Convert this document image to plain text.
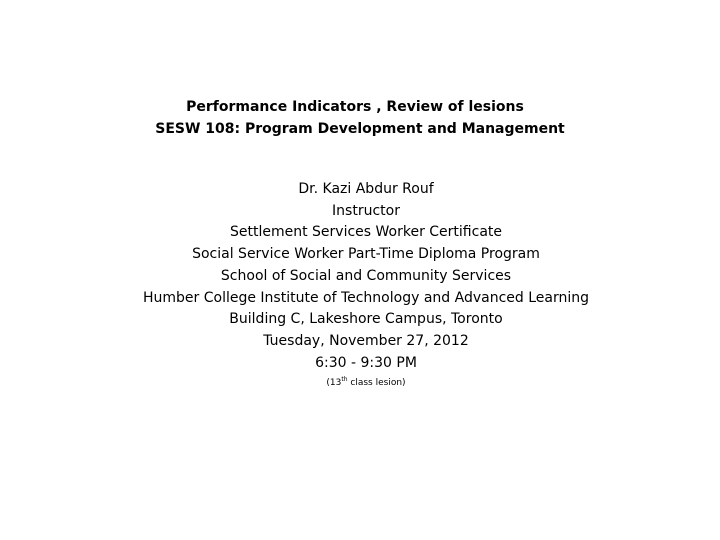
Performance Indicators , Review of lesions
SESW 108: Program Development and Management
Dr. Kazi Abdur Rouf
Instructor
Settlement Services Worker Certificate
Social Service Worker Part-Time Diploma Program
School of Social and Community Services
Humber College Institute of Technology and Advanced Learning
Building C, Lakeshore Campus, Toronto
Tuesday, November 27, 2012
6:30 - 9:30 PM
(13th class lesion)
